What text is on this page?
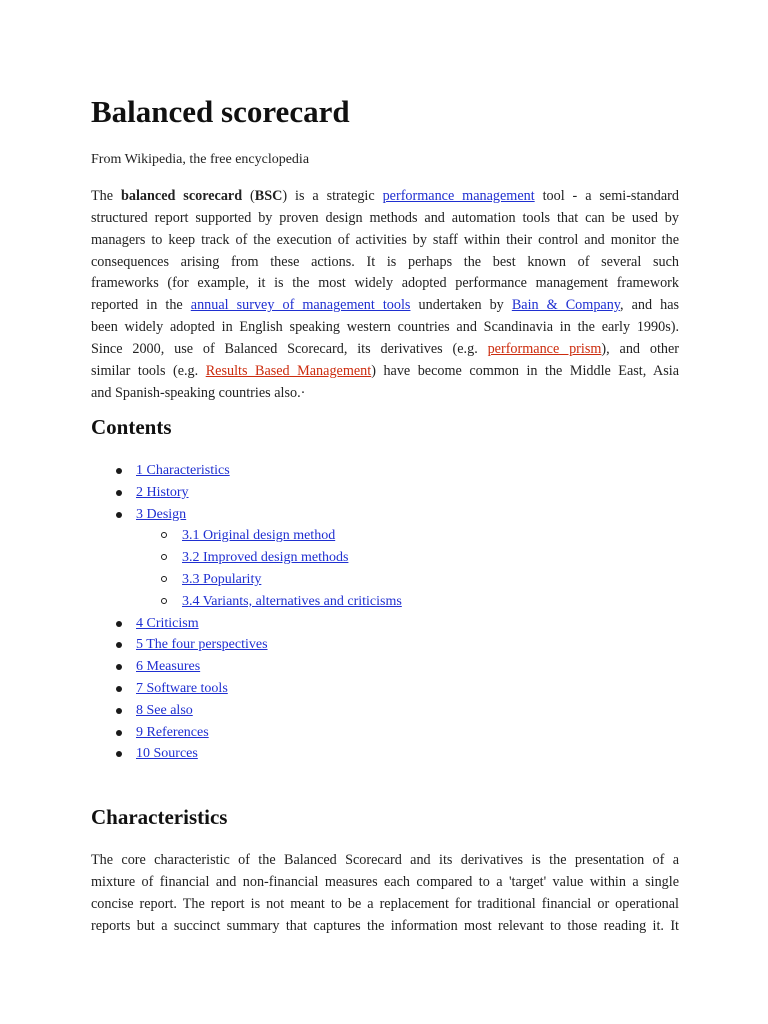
Balanced scorecard
From Wikipedia, the free encyclopedia
The balanced scorecard (BSC) is a strategic performance management tool - a semi-standard
structured report supported by proven design methods and automation tools that can be used by
managers to keep track of the execution of activities by staff within their control and monitor the
consequences arising from these actions. It is perhaps the best known of several such
frameworks (for example, it is the most widely adopted performance management framework
reported in the annual survey of management tools undertaken by Bain & Company, and has
been widely adopted in English speaking western countries and Scandinavia in the early 1990s).
Since 2000, use of Balanced Scorecard, its derivatives (e.g. performance prism), and other
similar tools (e.g. Results Based Management) have become common in the Middle East, Asia
and Spanish-speaking countries also.·
Contents
1 Characteristics
2 History
3 Design
3.1 Original design method
3.2 Improved design methods
3.3 Popularity
3.4 Variants, alternatives and criticisms
4 Criticism
5 The four perspectives
6 Measures
7 Software tools
8 See also
9 References
10 Sources
Characteristics
The core characteristic of the Balanced Scorecard and its derivatives is the presentation of a
mixture of financial and non-financial measures each compared to a 'target' value within a single
concise report. The report is not meant to be a replacement for traditional financial or operational
reports but a succinct summary that captures the information most relevant to those reading it. It
